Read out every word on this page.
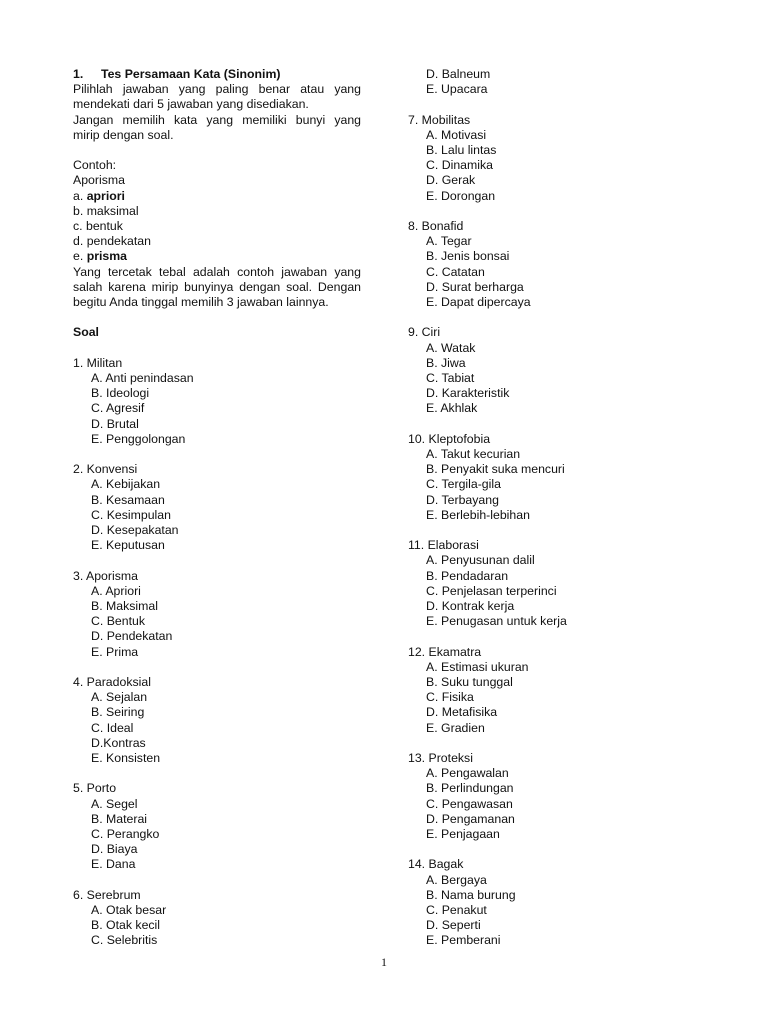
1. Tes Persamaan Kata (Sinonim)
Pilihlah jawaban yang paling benar atau yang
mendekati dari 5 jawaban yang disediakan.
Jangan memilih kata yang memiliki bunyi yang
mirip dengan soal.
Contoh:
Aporisma
a. apriori
b. maksimal
c. bentuk
d. pendekatan
e. prisma
Yang tercetak tebal adalah contoh jawaban yang
salah karena mirip bunyinya dengan soal. Dengan
begitu Anda tinggal memilih 3 jawaban lainnya.
Soal
1. Militan
A. Anti penindasan
B. Ideologi
C. Agresif
D. Brutal
E. Penggolongan
2. Konvensi
A. Kebijakan
B. Kesamaan
C. Kesimpulan
D. Kesepakatan
E. Keputusan
3. Aporisma
A. Apriori
B. Maksimal
C. Bentuk
D. Pendekatan
E. Prima
4. Paradoksial
A. Sejalan
B. Seiring
C. Ideal
D.Kontras
E. Konsisten
5. Porto
A. Segel
B. Materai
C. Perangko
D. Biaya
E. Dana
6. Serebrum
A. Otak besar
B. Otak kecil
C. Selebritis
D. Balneum
E. Upacara
7. Mobilitas
A. Motivasi
B. Lalu lintas
C. Dinamika
D. Gerak
E. Dorongan
8. Bonafid
A. Tegar
B. Jenis bonsai
C. Catatan
D. Surat berharga
E. Dapat dipercaya
9. Ciri
A. Watak
B. Jiwa
C. Tabiat
D. Karakteristik
E. Akhlak
10. Kleptofobia
A. Takut kecurian
B. Penyakit suka mencuri
C. Tergila-gila
D. Terbayang
E. Berlebih-lebihan
11. Elaborasi
A. Penyusunan dalil
B. Pendadaran
C. Penjelasan terperinci
D. Kontrak kerja
E. Penugasan untuk kerja
12. Ekamatra
A. Estimasi ukuran
B. Suku tunggal
C. Fisika
D. Metafisika
E. Gradien
13. Proteksi
A. Pengawalan
B. Perlindungan
C. Pengawasan
D. Pengamanan
E. Penjagaan
14. Bagak
A. Bergaya
B. Nama burung
C. Penakut
D. Seperti
E. Pemberani
1
